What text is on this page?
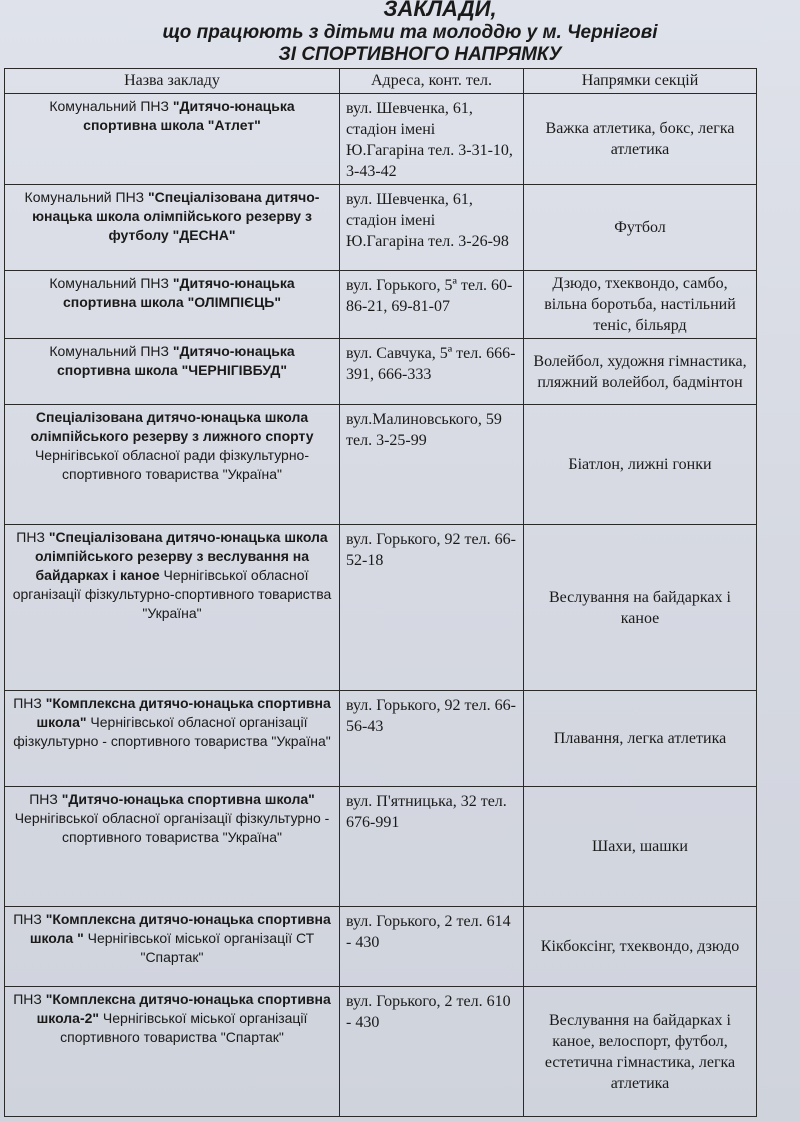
ЗАКЛАДИ,

що працюють з дітьми та молоддю у м. Чернігові

ЗІ СПОРТИВНОГО НАПРЯМКУ

Назва закладу	Адреса, конт. тел.	Напрямки секцій
Комунальний ПНЗ "Дитячо-юнацька спортивна школа "Атлет"	вул. Шевченка, 61, стадіон імені Ю.Гагаріна тел. 3-31-10, 3-43-42	Важка атлетика, бокс, легка атлетика
Комунальний ПНЗ "Спеціалізована дитячо-юнацька школа олімпійського резерву з футболу "ДЕСНА"	вул. Шевченка, 61, стадіон імені Ю.Гагаріна тел. 3-26-98	Футбол
Комунальний ПНЗ "Дитячо-юнацька спортивна школа "ОЛІМПІЄЦЬ"	вул. Горького, 5ª тел. 60-86-21, 69-81-07	Дзюдо, тхеквондо, самбо, вільна боротьба, настільний теніс, більярд
Комунальний ПНЗ "Дитячо-юнацька спортивна школа "ЧЕРНІГІВБУД"	вул. Савчука, 5ª тел. 666-391, 666-333	Волейбол, художня гімнастика, пляжний волейбол, бадмінтон
Спеціалізована дитячо-юнацька школа олімпійського резерву з лижного спорту Чернігівської обласної ради фізкультурно-спортивного товариства "Україна"	вул.Малиновського, 59 тел. 3-25-99	Біатлон, лижні гонки
ПНЗ "Спеціалізована дитячо-юнацька школа олімпійського резерву з веслування на байдарках і каное Чернігівської обласної організації фізкультурно-спортивного товариства "Україна"	вул. Горького, 92 тел. 66-52-18	Веслування на байдарках і каное
ПНЗ "Комплексна дитячо-юнацька спортивна школа" Чернігівської обласної організації фізкультурно - спортивного товариства "Україна"	вул. Горького, 92 тел. 66-56-43	Плавання, легка атлетика
ПНЗ "Дитячо-юнацька спортивна школа" Чернігівської обласної організації фізкультурно - спортивного товариства "Україна"	вул. П'ятницька, 32 тел. 676-991	Шахи, шашки
ПНЗ "Комплексна дитячо-юнацька спортивна школа " Чернігівської міської організації СТ "Спартак"	вул. Горького, 2 тел. 614 - 430	Кікбоксінг, тхеквондо, дзюдо
ПНЗ "Комплексна дитячо-юнацька спортивна школа-2" Чернігівської міської організації спортивного товариства "Спартак"	вул. Горького, 2 тел. 610 - 430	Веслування на байдарках і каное, велоспорт, футбол, естетична гімнастика, легка атлетика
